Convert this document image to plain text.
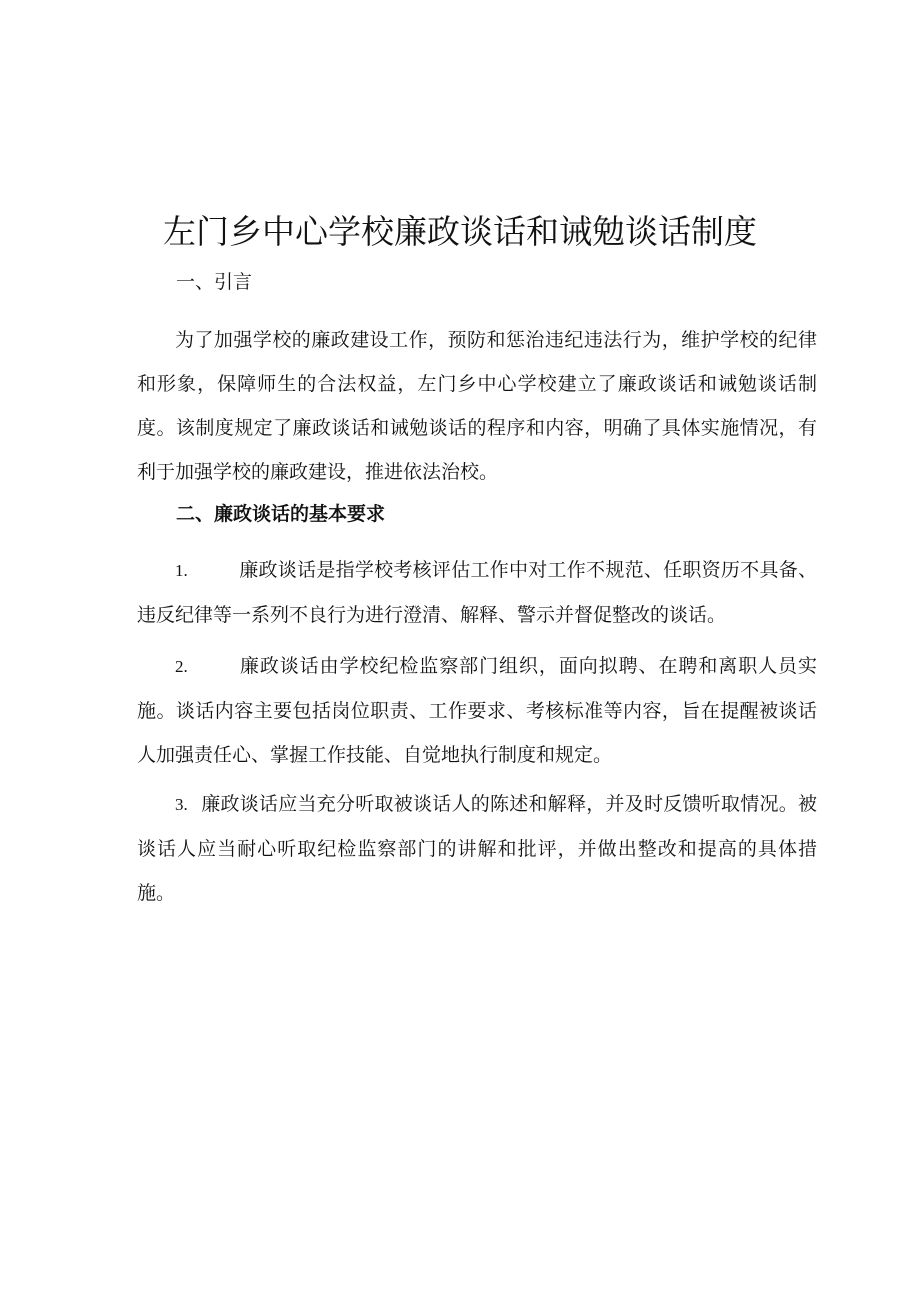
左门乡中心学校廉政谈话和诫勉谈话制度
一、引言

为了加强学校的廉政建设工作，预防和惩治违纪违法行为，维护学校的纪律和形象，保障师生的合法权益，左门乡中心学校建立了廉政谈话和诫勉谈话制度。该制度规定了廉政谈话和诫勉谈话的程序和内容，明确了具体实施情况，有利于加强学校的廉政建设，推进依法治校。

二、廉政谈话的基本要求

1.	廉政谈话是指学校考核评估工作中对工作不规范、任职资历不具备、违反纪律等一系列不良行为进行澄清、解释、警示并督促整改的谈话。

2.	廉政谈话由学校纪检监察部门组织，面向拟聘、在聘和离职人员实施。谈话内容主要包括岗位职责、工作要求、考核标准等内容，旨在提醒被谈话人加强责任心、掌握工作技能、自觉地执行制度和规定。

3. 廉政谈话应当充分听取被谈话人的陈述和解释，并及时反馈听取情况。被谈话人应当耐心听取纪检监察部门的讲解和批评，并做出整改和提高的具体措施。
